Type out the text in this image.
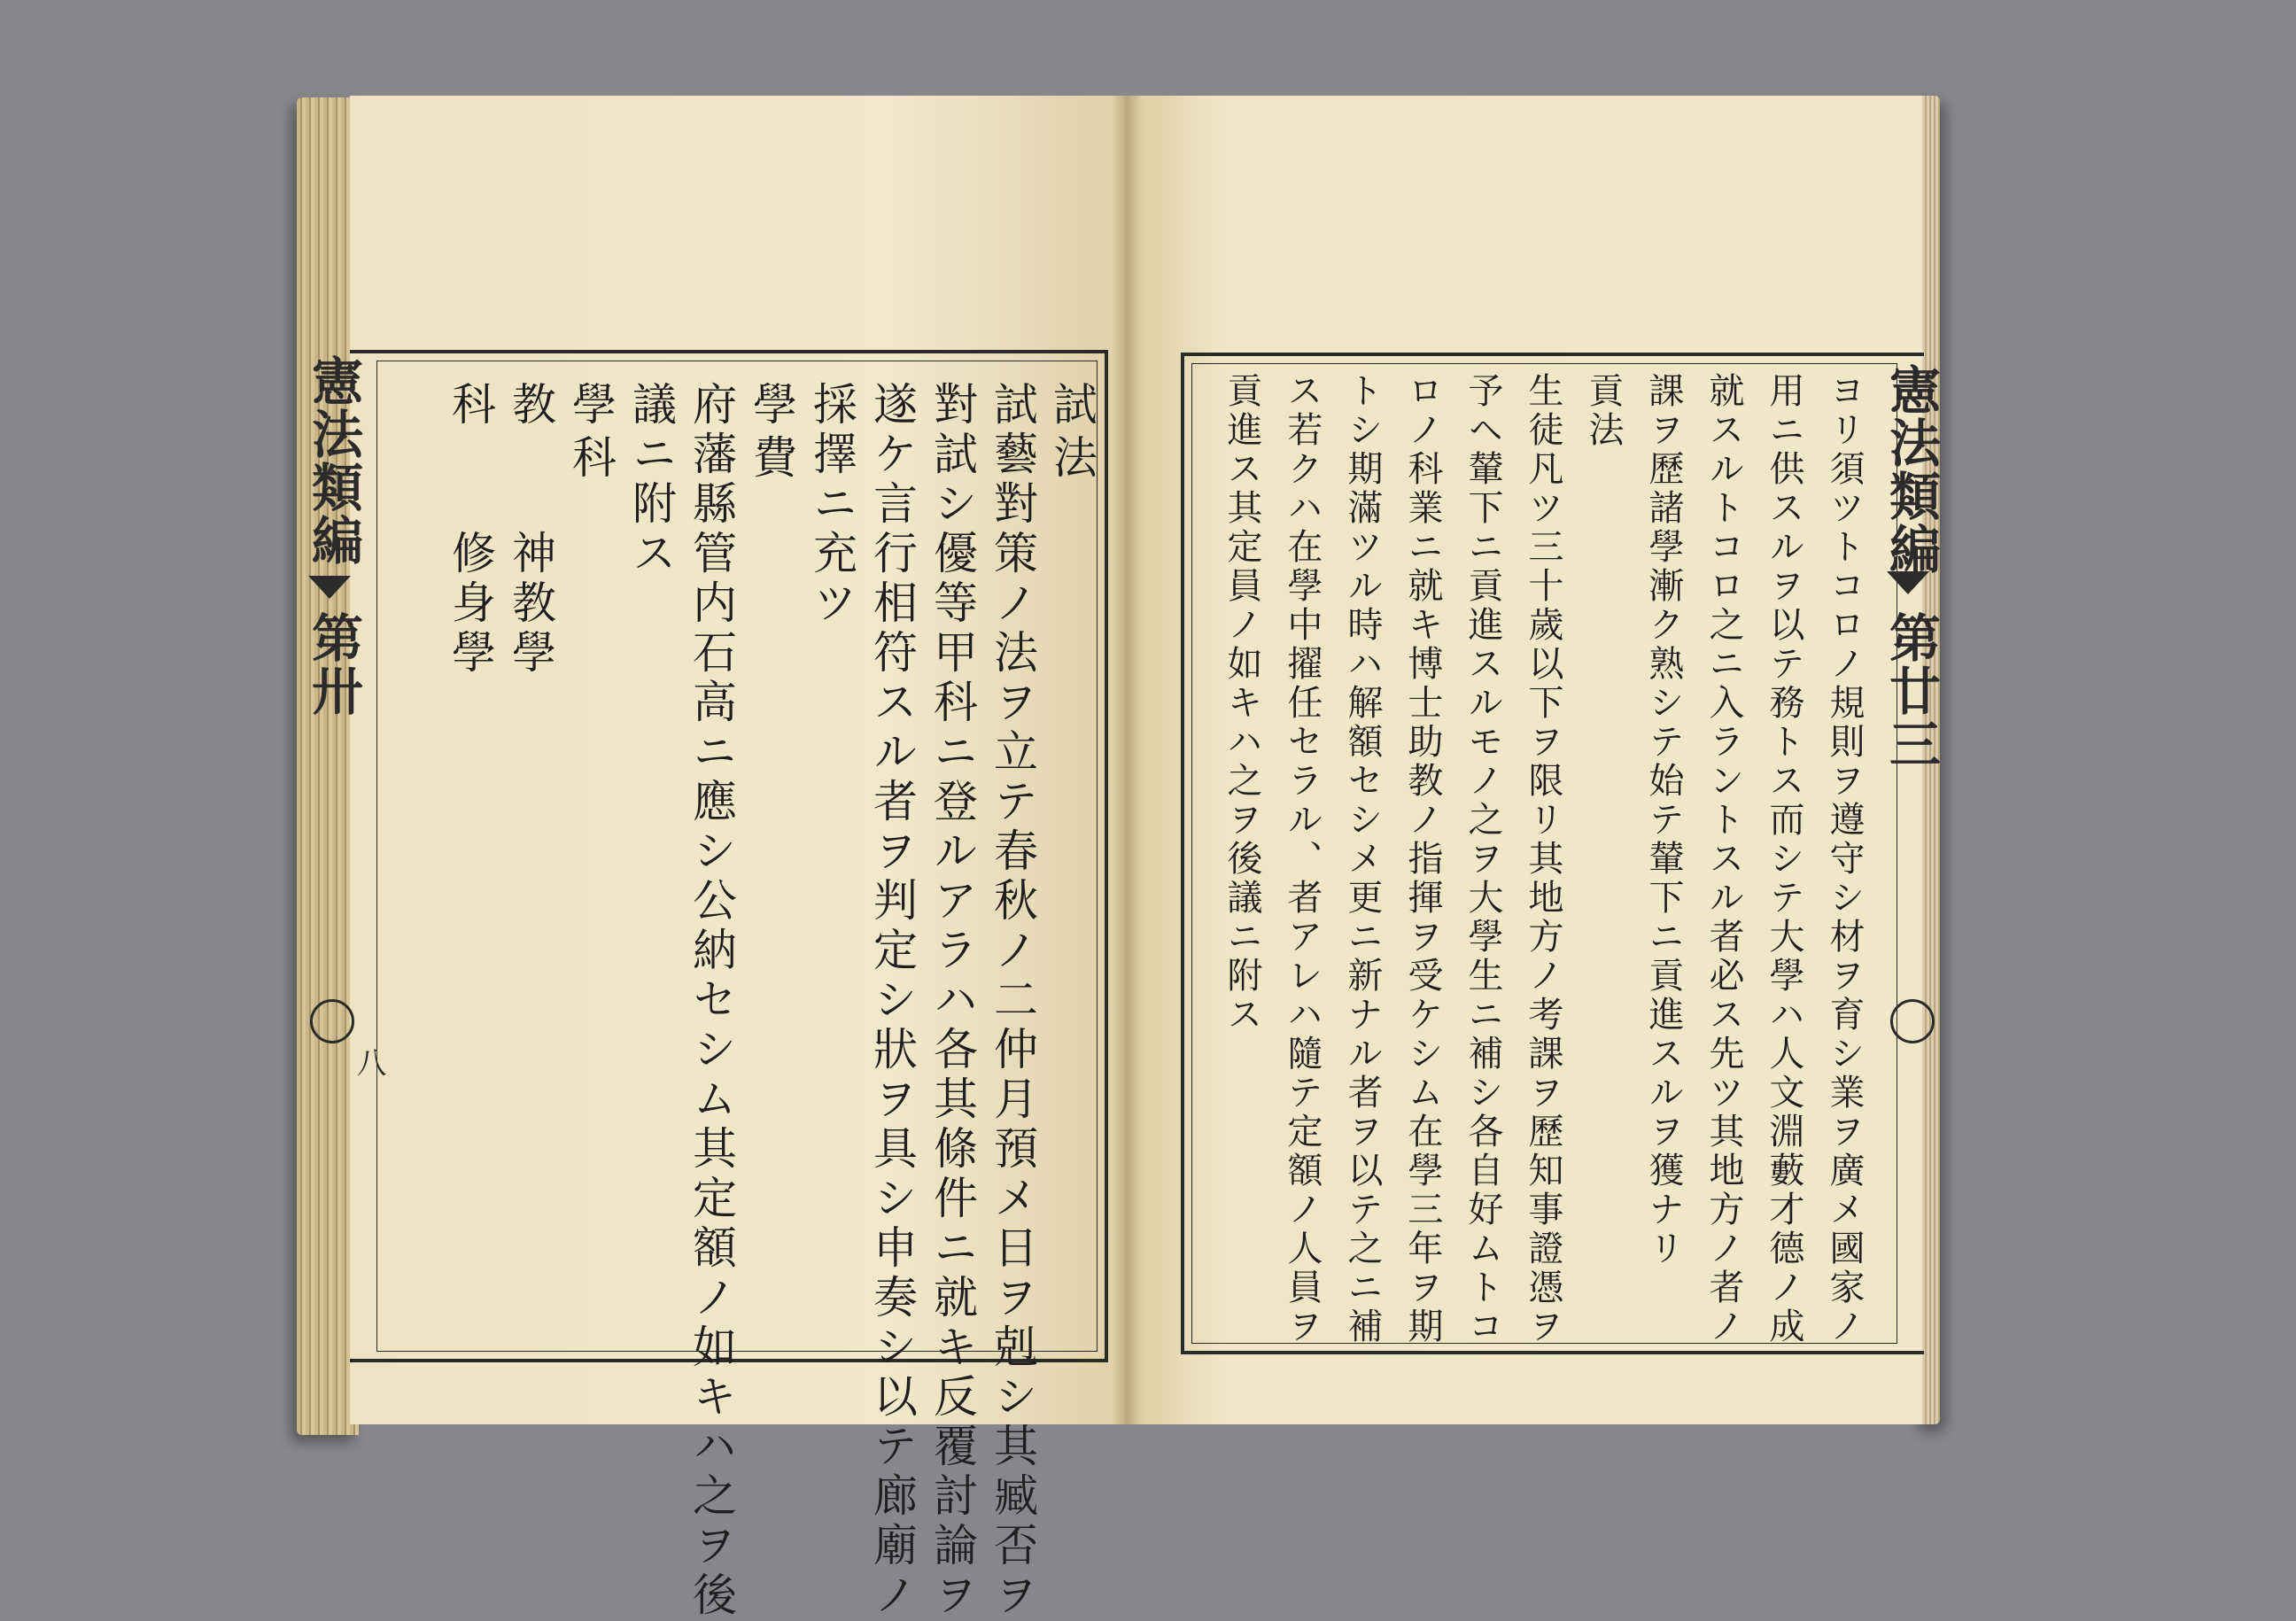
憲法類編
第卅
八
試法
試藝對策ノ法ヲ立テ春秋ノ二仲月預メ日ヲ剋シ其臧否ヲ
對試シ優等甲科ニ登ルアラハ各其條件ニ就キ反覆討論ヲ
遂ケ言行相符スル者ヲ判定シ狀ヲ具シ申奏シ以テ廊廟ノ
採擇ニ充ツ
學費
府藩縣管内石高ニ應シ公納セシム其定額ノ如キハ之ヲ後
議ニ附ス
學科
教　　神教學
科　　修身學	憲法類編
第廿三
ヨリ須ツトコロノ規則ヲ遵守シ材ヲ育シ業ヲ廣メ國家ノ
用ニ供スルヲ以テ務トス而シテ大學ハ人文淵藪才德ノ成
就スルトコロ之ニ入ラントスル者必ス先ツ其地方ノ者ノ
課ヲ歷諸學漸ク熟シテ始テ輦下ニ貢進スルヲ獲ナリ
貢法
生徒凡ツ三十歲以下ヲ限リ其地方ノ考課ヲ歷知事證憑ヲ
予ヘ輦下ニ貢進スルモノ之ヲ大學生ニ補シ各自好ムトコ
ロノ科業ニ就キ博士助教ノ指揮ヲ受ケシム在學三年ヲ期
トシ期滿ツル時ハ解額セシメ更ニ新ナル者ヲ以テ之ニ補
ス若クハ在學中擢任セラル、者アレハ隨テ定額ノ人員ヲ
貢進ス其定員ノ如キハ之ヲ後議ニ附ス
